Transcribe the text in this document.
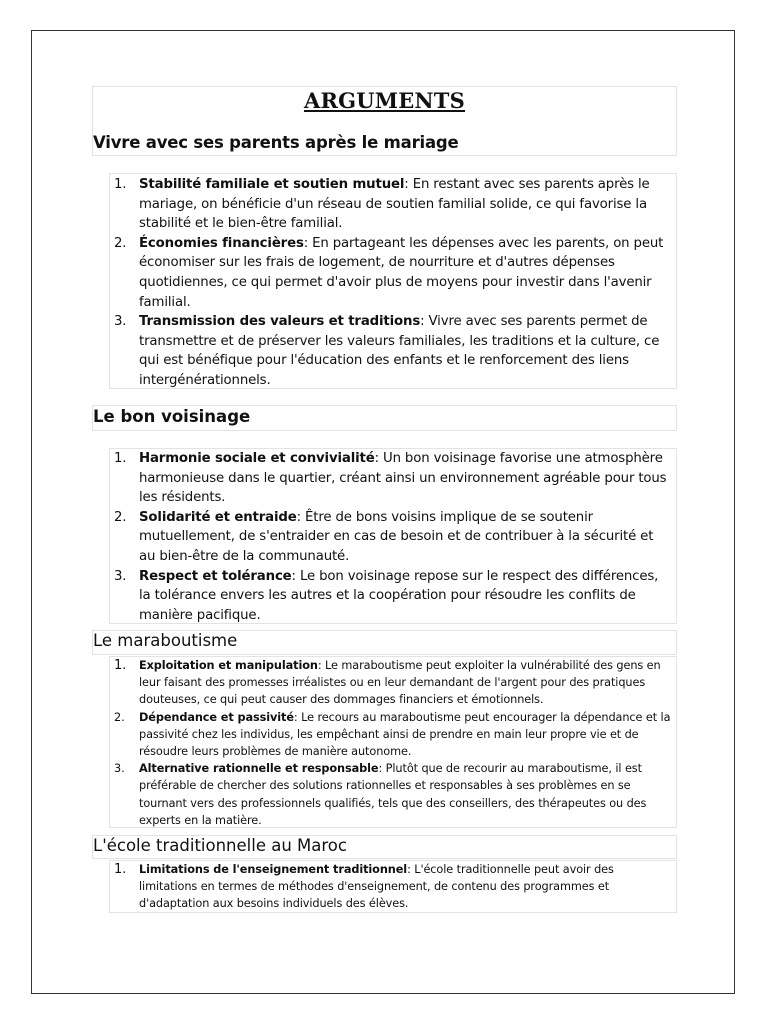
ARGUMENTS
Vivre avec ses parents après le mariage
1. Stabilité familiale et soutien mutuel: En restant avec ses parents après le mariage, on bénéficie d'un réseau de soutien familial solide, ce qui favorise la stabilité et le bien-être familial.
2. Économies financières: En partageant les dépenses avec les parents, on peut économiser sur les frais de logement, de nourriture et d'autres dépenses quotidiennes, ce qui permet d'avoir plus de moyens pour investir dans l'avenir familial.
3. Transmission des valeurs et traditions: Vivre avec ses parents permet de transmettre et de préserver les valeurs familiales, les traditions et la culture, ce qui est bénéfique pour l'éducation des enfants et le renforcement des liens intergénérationnels.
Le bon voisinage
1. Harmonie sociale et convivialité: Un bon voisinage favorise une atmosphère harmonieuse dans le quartier, créant ainsi un environnement agréable pour tous les résidents.
2. Solidarité et entraide: Être de bons voisins implique de se soutenir mutuellement, de s'entraider en cas de besoin et de contribuer à la sécurité et au bien-être de la communauté.
3. Respect et tolérance: Le bon voisinage repose sur le respect des différences, la tolérance envers les autres et la coopération pour résoudre les conflits de manière pacifique.
Le maraboutisme
1. Exploitation et manipulation: Le maraboutisme peut exploiter la vulnérabilité des gens en leur faisant des promesses irréalistes ou en leur demandant de l'argent pour des pratiques douteuses, ce qui peut causer des dommages financiers et émotionnels.
2. Dépendance et passivité: Le recours au maraboutisme peut encourager la dépendance et la passivité chez les individus, les empêchant ainsi de prendre en main leur propre vie et de résoudre leurs problèmes de manière autonome.
3. Alternative rationnelle et responsable: Plutôt que de recourir au maraboutisme, il est préférable de chercher des solutions rationnelles et responsables à ses problèmes en se tournant vers des professionnels qualifiés, tels que des conseillers, des thérapeutes ou des experts en la matière.
L'école traditionnelle au Maroc
1. Limitations de l'enseignement traditionnel: L'école traditionnelle peut avoir des limitations en termes de méthodes d'enseignement, de contenu des programmes et d'adaptation aux besoins individuels des élèves.
